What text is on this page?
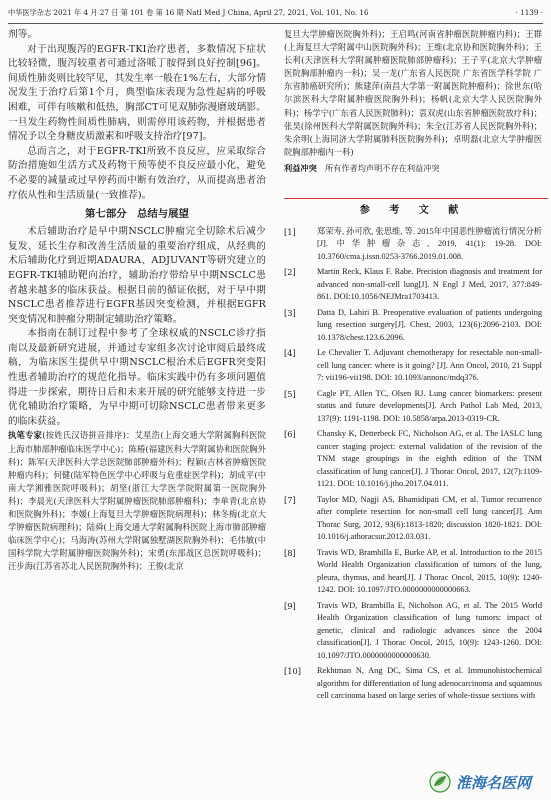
中华医学杂志 2021 年 4 月 27 日 第 101 卷 第 16 期 Natl Med J China, April 27, 2021, Vol. 101, No. 16	· 1139 ·

剂等。

对于出现腹泻的EGFR-TKI治疗患者，多数情况下症状比较轻微，腹泻较重者可通过洛哌丁胺得到良好控制[96]。间质性肺炎则比较罕见，其发生率一般在1%左右，大部分情况发生于治疗后第1个月，典型临床表现为急性起病的呼吸困难，可伴有咳嗽和低热，胸部CT可见双肺弥漫磨玻璃影。一旦发生药物性间质性肺病，则需停用该药物，并根据患者情况予以全身糖皮质激素和呼吸支持治疗[97]。

总而言之，对于EGFR-TKI所致不良反应，应采取综合防治措施如生活方式及药物干预等使不良反应最小化，避免不必要的减量或过早停药而中断有效治疗，从而提高患者治疗依从性和生活质量(一致推荐)。

第七部分　总结与展望

术后辅助治疗是早中期NSCLC肿瘤完全切除术后减少复发、延长生存和改善生活质量的重要治疗组成，从经典的术后辅助化疗到近期ADAURA、ADJUVANT等研究建立的EGFR-TKI辅助靶向治疗，辅助治疗带给早中期NSCLC患者越来越多的临床获益。根据目前的循证依据，对于早中期NSCLC患者推荐进行EGFR基因突变检测，并根据EGFR突变情况和肿瘤分期制定辅助治疗策略。

本指南在制订过程中参考了全球权威的NSCLC诊疗指南以及最新研究进展，并通过专家组多次讨论审阅后最终成稿，为临床医生提供早中期NSCLC根治术后EGFR突变阳性患者辅助治疗的规范化指导。临床实践中仍有多项问题值得进一步探索，期待日后和未来开展的研究能够支持进一步优化辅助治疗策略，为早中期可切除NSCLC患者带来更多的临床获益。

执笔专家(按姓氏汉语拼音排序)：艾星浩(上海交通大学附属胸科医院上海市肺部肿瘤临床医学中心)；陈椿(福建医科大学附属协和医院胸外科)；陈军(天津医科大学总医院肺部肿瘤外科)；程颖(吉林省肿瘤医院肿瘤内科)；何健(陆军特色医学中心呼吸与危重症医学科)；胡成平(中南大学湘雅医院呼吸科)；胡坚(浙江大学医学院附属第一医院胸外科)；李晨光(天津医科大学附属肿瘤医院肺部肿瘤科)；李单青(北京协和医院胸外科)；李媛(上海复旦大学肿瘤医院病理科)；林冬梅(北京大学肿瘤医院病理科)；陆舜(上海交通大学附属胸科医院上海市肺部肿瘤临床医学中心)；马海涛(苏州大学附属独墅湖医院胸外科)；毛伟敏(中国科学院大学附属肿瘤医院胸外科)；宋勇(东部战区总医院呼吸科)；汪步海(江苏省苏北人民医院胸外科)；王俊(北京

复旦大学肿瘤医院胸外科)；王启鸣(河南省肿瘤医院肿瘤内科)；王群(上海复旦大学附属中山医院胸外科)；王维(北京协和医院胸外科)；王长利(天津医科大学附属肿瘤医院肺部肿瘤科)；王子平(北京大学肿瘤医院胸部肿瘤内一科)；吴一龙(广东省人民医院 广东省医学科学院 广东省肺癌研究所)；熊建萍(南昌大学第一附属医院肿瘤科)；徐世东(哈尔滨医科大学附属肿瘤医院胸外科)；杨帆(北京大学人民医院胸外科)；杨学宁(广东省人民医院肺科)；袁双虎(山东省肿瘤医院放疗科)；张昊(徐州医科大学附属医院胸外科)；朱全(江苏省人民医院胸外科)；朱余明(上海同济大学附属肺科医院胸外科)；卓明磊(北京大学肿瘤医院胸部肿瘤内一科)

利益冲突　 所有作者均声明不存在利益冲突

参 考 文 献
[1]	郑荣寿, 孙可欣, 张思维, 等. 2015年中国恶性肿瘤流行情况分析[J]. 中华肿瘤杂志, 2019, 41(1): 19-28. DOI: 10.3760/cma.j.issn.0253-3766.2019.01.008.
[2]	Martin Reck, Klaus F. Rabe. Precision diagnosis and treatment for advanced non-small-cell lung[J]. N Engl J Med, 2017, 377:849-861. DOI:10.1056/NEJMra1703413.
[3]	Datta D, Lahiri B. Preoperative evaluation of patients undergoing lung resection surgery[J]. Chest, 2003, 123(6):2096-2103. DOI: 10.1378/chest.123.6.2096.
[4]	Le Chevalier T. Adjuvant chemotherapy for resectable non-small-cell lung cancer: where is it going? [J]. Ann Oncol, 2010, 21 Suppl 7: vii196-vii198. DOI: 10.1093/annonc/mdq376.
[5]	Cagle PT, Allen TC, Olsen RJ. Lung cancer biomarkers: present status and future developments[J]. Arch Pathol Lab Med, 2013, 137(9): 1191-1198. DOI: 10.5858/arpa.2013-0319-CR.
[6]	Chansky K, Detterbeck FC, Nicholson AG, et al. The IASLC lung cancer staging project: external validation of the revision of the TNM stage groupings in the eighth edition of the TNM classification of lung cancer[J]. J Thorac Oncol, 2017, 12(7):1109-1121. DOI: 10.1016/j.jtho.2017.04.011.
[7]	Taylor MD, Nagji AS, Bhamidipati CM, et al. Tumor recurrence after complete resection for non-small cell lung cancer[J]. Ann Thorac Surg, 2012, 93(6):1813-1820; discussion 1820-1821. DOI: 10.1016/j.athoracsur.2012.03.031.
[8]	Travis WD, Brambilla E, Burke AP, et al. Introduction to the 2015 World Health Organization classification of tumors of the lung, pleura, thymus, and heart[J]. J Thorac Oncol, 2015, 10(9): 1240-1242. DOI: 10.1097/JTO.0000000000000663.
[9]	Travis WD, Brambilla E, Nicholson AG, et al. The 2015 World Health Organization classification of lung tumors: impact of genetic, clinical and radiologic advances since the 2004 classification[J]. J Thorac Oncol, 2015, 10(9): 1243-1260. DOI: 10.1097/JTO.0000000000000630.
[10]	Rekhtman N, Ang DC, Sima CS, et al. Immunohistochemical algorithm for differentiation of lung adenocarcinoma and squamous cell carcinoma based on large series of whole-tissue sections with
淮海名医网
